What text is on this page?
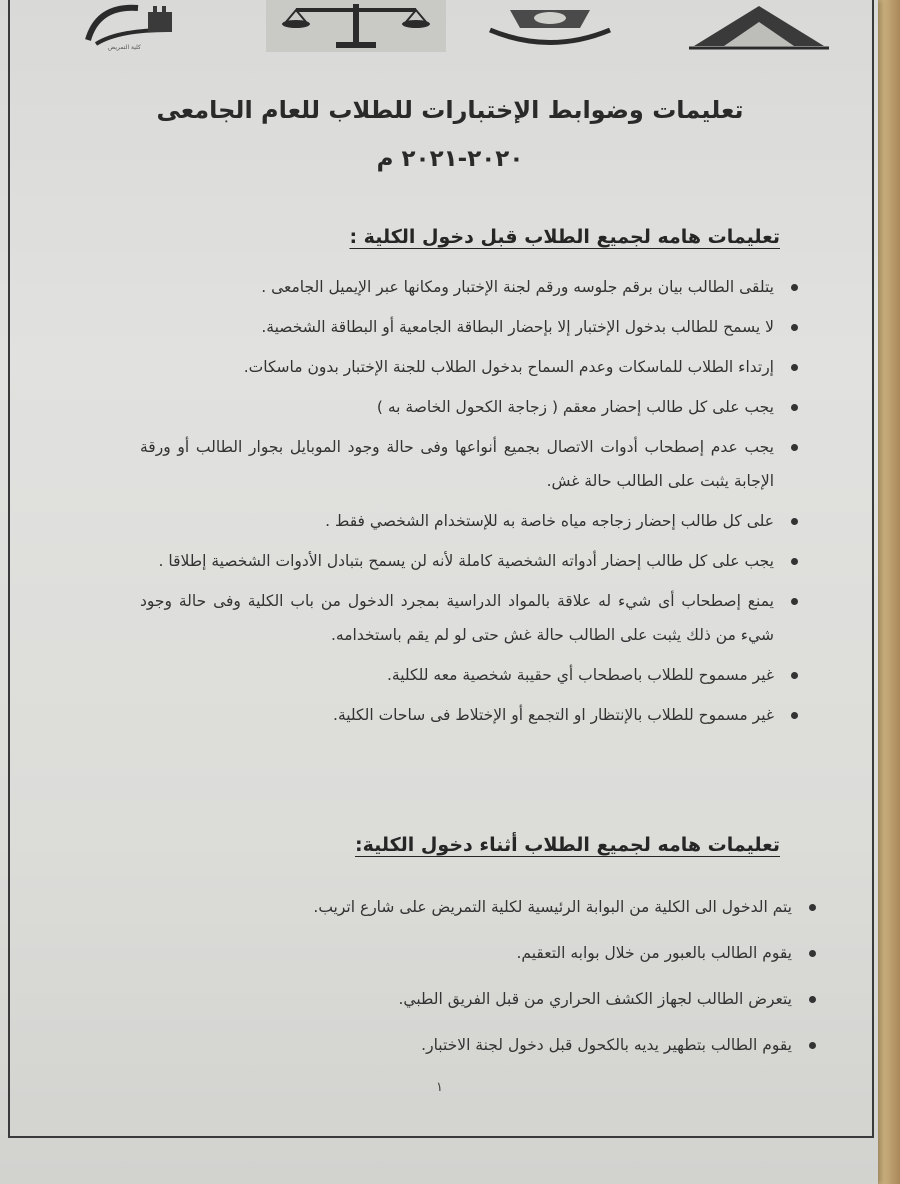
كلية التمريض
تعليمات وضوابط الإختبارات للطلاب للعام الجامعى
٢٠٢٠-٢٠٢١ م
تعليمات هامه لجميع الطلاب قبل دخول الكلية :
يتلقى الطالب بيان برقم جلوسه ورقم لجنة الإختبار ومكانها عبر الإيميل الجامعى .
لا يسمح للطالب بدخول الإختبار إلا بإحضار البطاقة الجامعية أو البطاقة الشخصية.
إرتداء الطلاب للماسكات وعدم السماح بدخول الطلاب للجنة الإختبار بدون ماسكات.
يجب على كل طالب إحضار معقم ( زجاجة الكحول الخاصة به )
يجب عدم إصطحاب أدوات الاتصال بجميع أنواعها وفى حالة وجود الموبايل بجوار الطالب أو ورقة الإجابة يثبت على الطالب حالة غش.
على كل طالب إحضار زجاجه مياه خاصة به للإستخدام الشخصي فقط .
يجب على كل طالب إحضار أدواته الشخصية كاملة لأنه لن يسمح بتبادل الأدوات الشخصية إطلاقا .
يمنع إصطحاب أى شيء له علاقة بالمواد الدراسية بمجرد الدخول من باب الكلية وفى حالة وجود شيء من ذلك يثبت على الطالب حالة غش حتى لو لم يقم باستخدامه.
غير مسموح للطلاب باصطحاب أي حقيبة شخصية معه للكلية.
غير مسموح للطلاب بالإنتظار او التجمع أو الإختلاط فى ساحات الكلية.
تعليمات هامه لجميع الطلاب أثناء دخول الكلية:
يتم الدخول الى الكلية من البوابة الرئيسية لكلية التمريض على شارع اتريب.
يقوم الطالب بالعبور من خلال بوابه التعقيم.
يتعرض الطالب لجهاز الكشف الحراري من قبل الفريق الطبي.
يقوم الطالب بتطهير يديه بالكحول قبل دخول لجنة الاختبار.
١
